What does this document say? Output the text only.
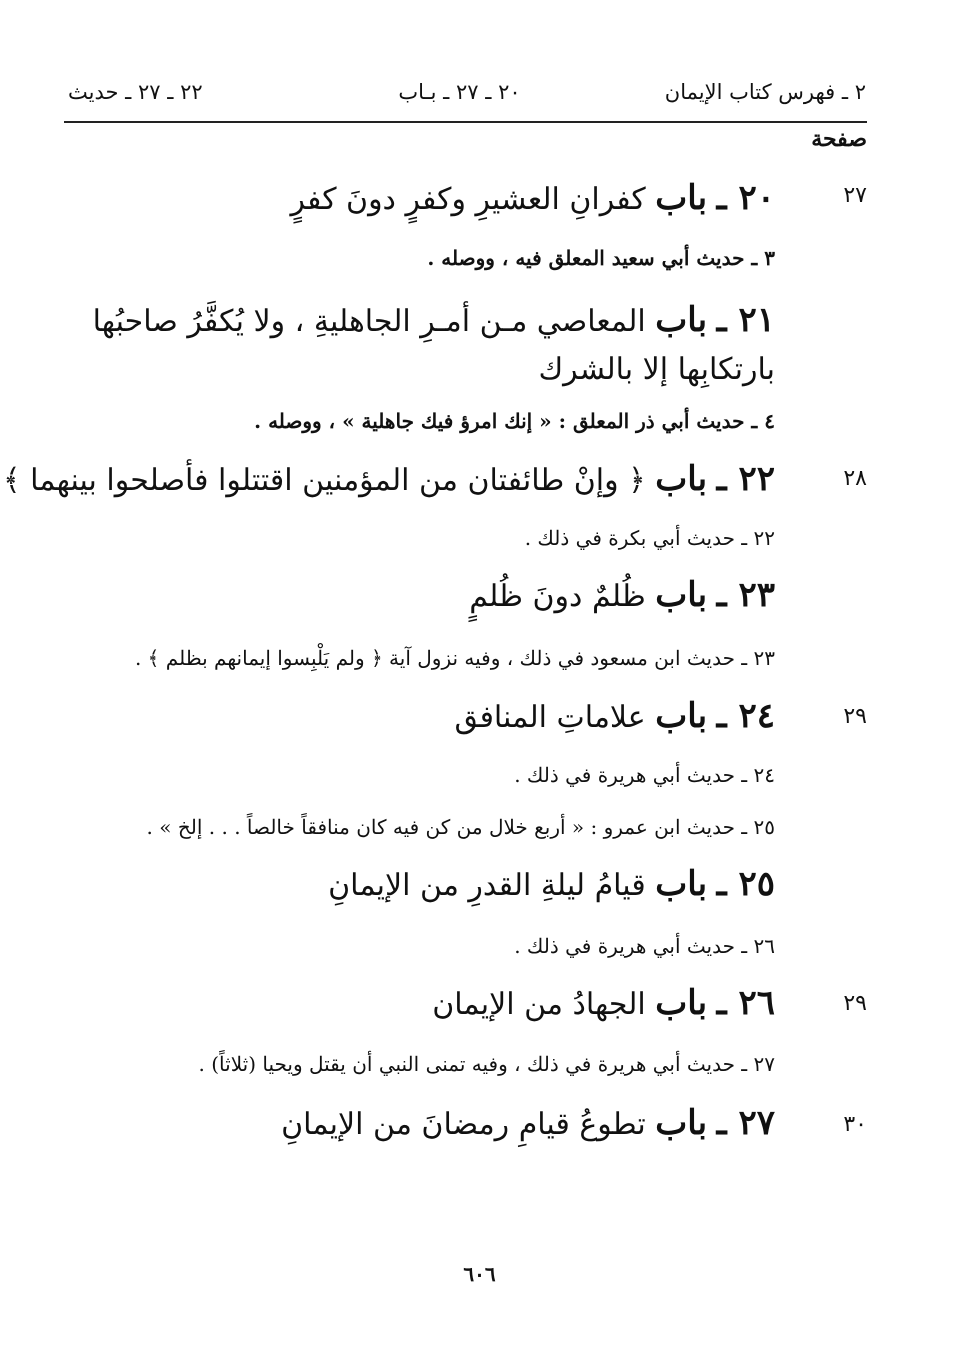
٢ ـ فهرس كتاب الإيمان
٢٠ ـ ٢٧ ـ بـاب
٢٢ ـ ٢٧ ـ حديث
صفحة
٢٧
٢٠ ـ باب كفرانِ العشيرِ وكفرٍ دونَ كفرٍ
٣ ـ حديث أبي سعيد المعلق فيه ، ووصله .
٢١ ـ باب المعاصي مـن أمـرِ الجاهليةِ ، ولا يُكفَّرُ صاحبُها بارتكابِها إلا بالشرك
٤ ـ حديث أبي ذر المعلق : « إنك امرؤ فيك جاهلية » ، ووصله .
٢٨
٢٢ ـ باب ﴿ وإنْ طائفتان من المؤمنين اقتتلوا فأصلحوا بينهما ﴾
٢٢ ـ حديث أبي بكرة في ذلك .
٢٣ ـ باب ظُلمٌ دونَ ظُلمٍ
٢٣ ـ حديث ابن مسعود في ذلك ، وفيه نزول آية ﴿ ولم يَلْبِسوا إيمانهم بظلم ﴾ .
٢٩
٢٤ ـ باب علاماتِ المنافق
٢٤ ـ حديث أبي هريرة في ذلك .
٢٥ ـ حديث ابن عمرو : « أربع خلال من كن فيه كان منافقاً خالصاً . . . إلخ » .
٢٥ ـ باب قيامُ ليلةِ القدرِ من الإيمانِ
٢٦ ـ حديث أبي هريرة في ذلك .
٢٩
٢٦ ـ باب الجهادُ من الإيمان
٢٧ ـ حديث أبي هريرة في ذلك ، وفيه تمنى النبي أن يقتل ويحيا (ثلاثاً) .
٣٠
٢٧ ـ باب تطوعُ قيامِ رمضانَ من الإيمانِ
٦٠٦
